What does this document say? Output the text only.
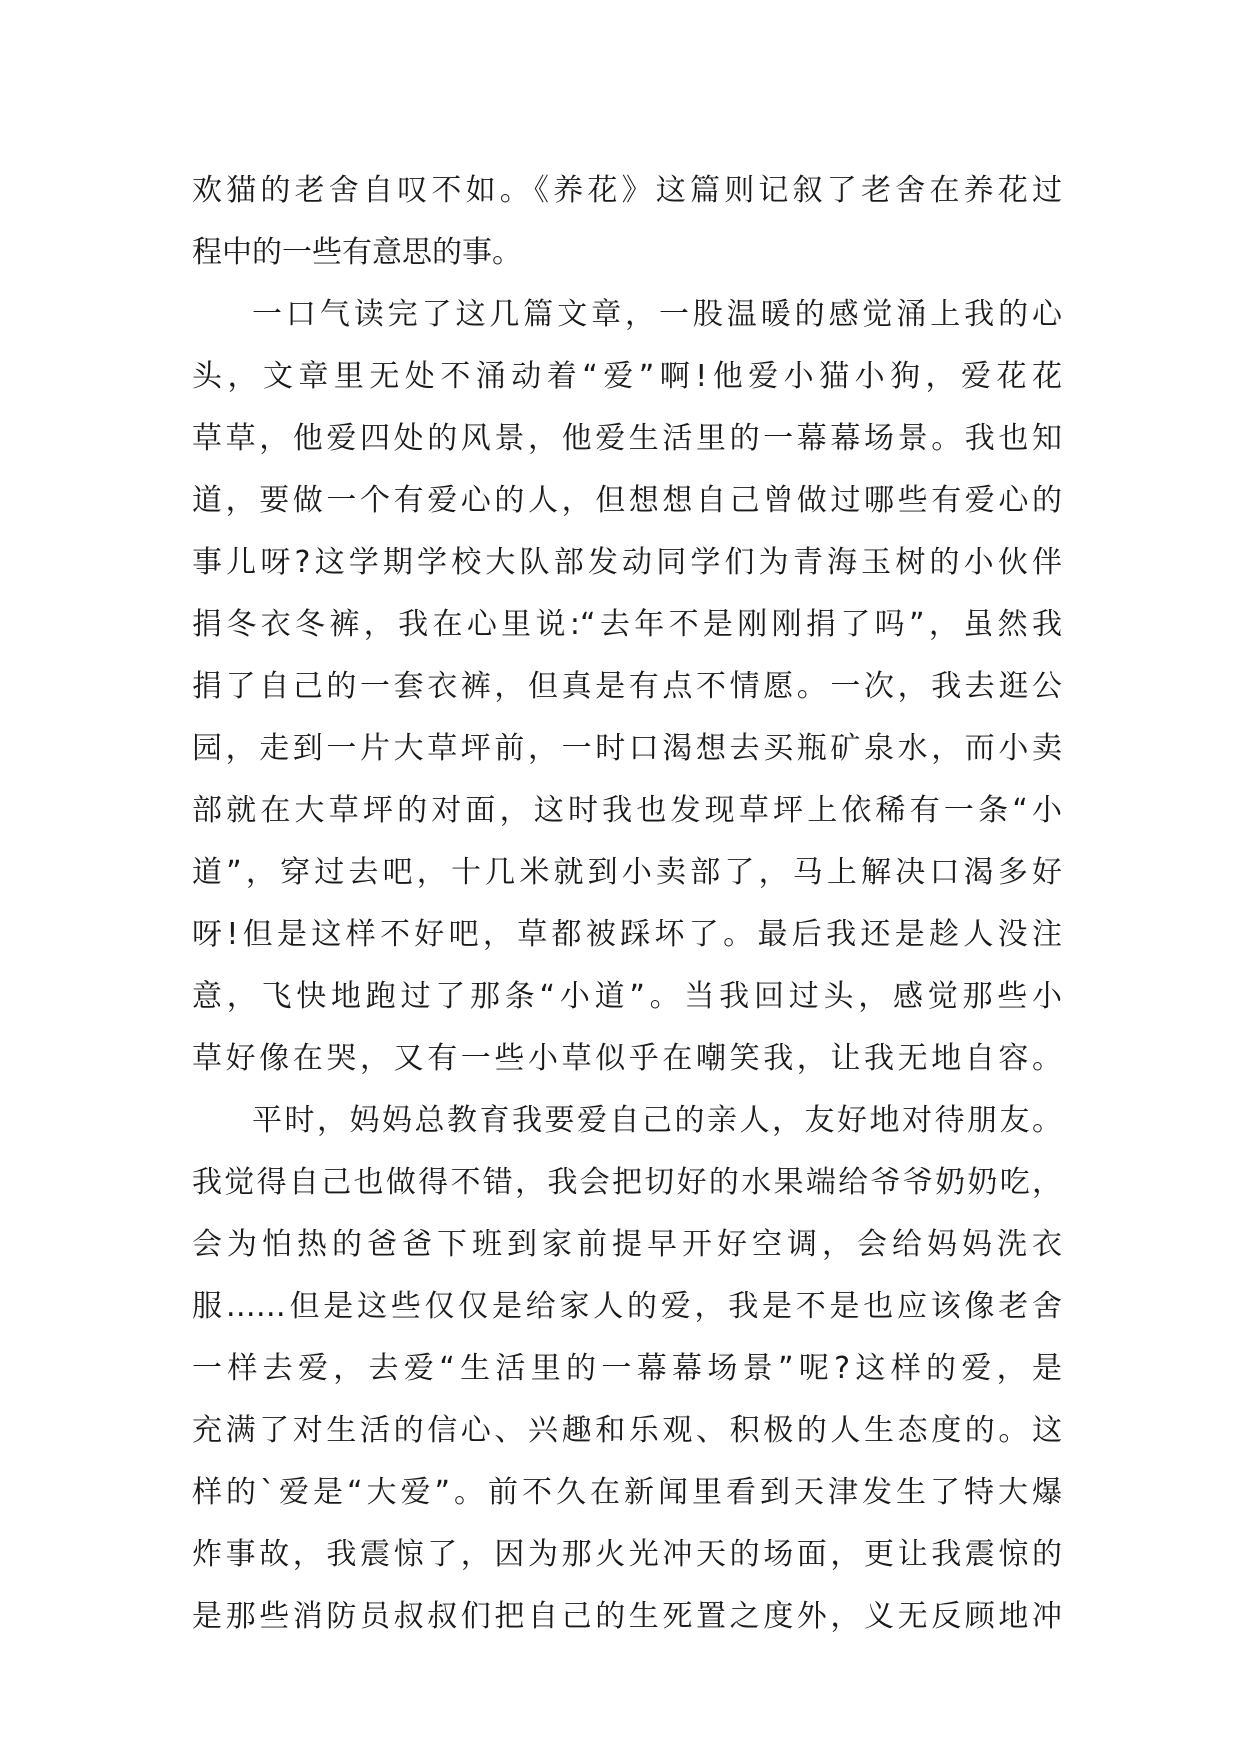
欢猫的老舍自叹不如。《养花》这篇则记叙了老舍在养花过
程中的一些有意思的事。
一口气读完了这几篇文章，一股温暖的感觉涌上我的心
头，文章里无处不涌动着“爱”啊!他爱小猫小狗，爱花花
草草，他爱四处的风景，他爱生活里的一幕幕场景。我也知
道，要做一个有爱心的人，但想想自己曾做过哪些有爱心的
事儿呀?这学期学校大队部发动同学们为青海玉树的小伙伴
捐冬衣冬裤，我在心里说:“去年不是刚刚捐了吗”，虽然我
捐了自己的一套衣裤，但真是有点不情愿。一次，我去逛公
园，走到一片大草坪前，一时口渴想去买瓶矿泉水，而小卖
部就在大草坪的对面，这时我也发现草坪上依稀有一条“小
道”，穿过去吧，十几米就到小卖部了，马上解决口渴多好
呀!但是这样不好吧，草都被踩坏了。最后我还是趁人没注
意，飞快地跑过了那条“小道”。当我回过头，感觉那些小
草好像在哭，又有一些小草似乎在嘲笑我，让我无地自容。
平时，妈妈总教育我要爱自己的亲人，友好地对待朋友。
我觉得自己也做得不错，我会把切好的水果端给爷爷奶奶吃，
会为怕热的爸爸下班到家前提早开好空调，会给妈妈洗衣
服……但是这些仅仅是给家人的爱，我是不是也应该像老舍
一样去爱，去爱“生活里的一幕幕场景”呢?这样的爱，是
充满了对生活的信心、兴趣和乐观、积极的人生态度的。这
样的`爱是“大爱”。前不久在新闻里看到天津发生了特大爆
炸事故，我震惊了，因为那火光冲天的场面，更让我震惊的
是那些消防员叔叔们把自己的生死置之度外，义无反顾地冲
